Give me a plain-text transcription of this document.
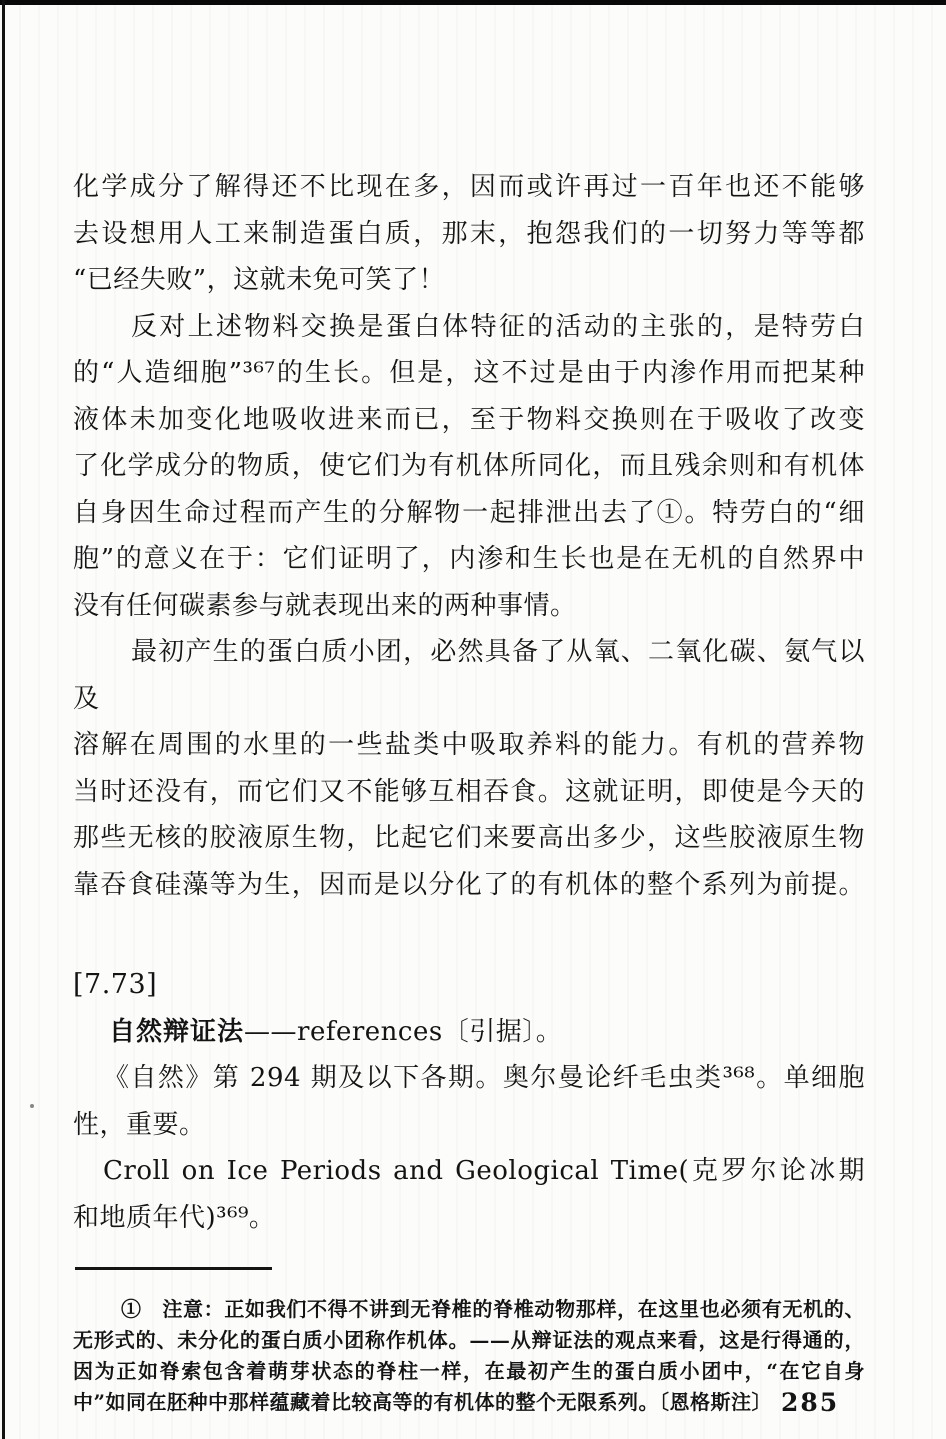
化学成分了解得还不比现在多，因而或许再过一百年也还不能够

去设想用人工来制造蛋白质，那末，抱怨我们的一切努力等等都

“已经失败”，这就未免可笑了！

反对上述物料交换是蛋白体特征的活动的主张的，是特劳白

的“人造细胞”³⁶⁷的生长。但是，这不过是由于内渗作用而把某种

液体未加变化地吸收进来而已，至于物料交换则在于吸收了改变

了化学成分的物质，使它们为有机体所同化，而且残余则和有机体

自身因生命过程而产生的分解物一起排泄出去了①。特劳白的“细

胞”的意义在于：它们证明了，内渗和生长也是在无机的自然界中

没有任何碳素参与就表现出来的两种事情。

最初产生的蛋白质小团，必然具备了从氧、二氧化碳、氨气以及

溶解在周围的水里的一些盐类中吸取养料的能力。有机的营养物

当时还没有，而它们又不能够互相吞食。这就证明，即使是今天的

那些无核的胶液原生物，比起它们来要高出多少，这些胶液原生物

靠吞食硅藻等为生，因而是以分化了的有机体的整个系列为前提。

[7.73]

自然辩证法——references〔引据〕。

《自然》第 294 期及以下各期。奥尔曼论纤毛虫类³⁶⁸。单细胞

性，重要。

Croll on Ice Periods and Geological Time(克罗尔论冰期

和地质年代)³⁶⁹。

①　注意：正如我们不得不讲到无脊椎的脊椎动物那样，在这里也必须有无机的、

无形式的、未分化的蛋白质小团称作机体。——从辩证法的观点来看，这是行得通的，

因为正如脊索包含着萌芽状态的脊柱一样，在最初产生的蛋白质小团中，“在它自身

中”如同在胚种中那样蕴藏着比较高等的有机体的整个无限系列。〔恩格斯注〕 285
